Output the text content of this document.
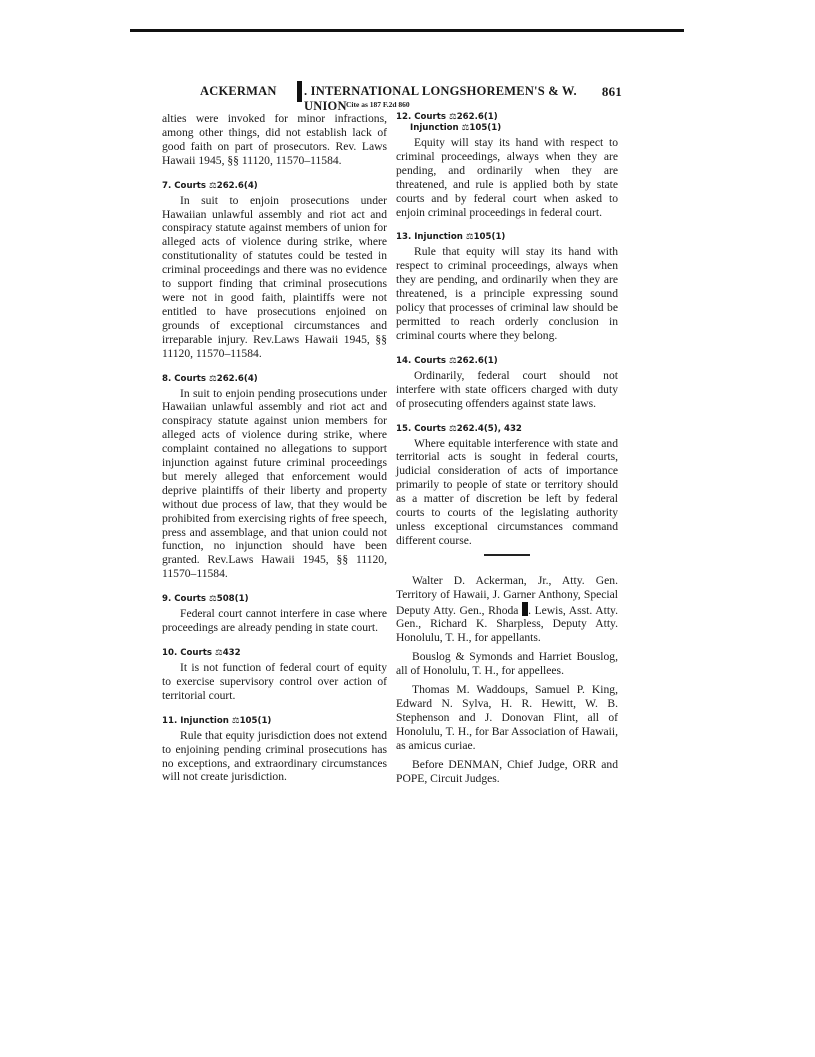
ACKERMAN . INTERNATIONAL LONGSHOREMEN'S & W. UNION
861
Cite as 187 F.2d 860

alties were invoked for minor infractions, among other things, did not establish lack of good faith on part of prosecutors. Rev. Laws Hawaii 1945, §§ 11120, 11570–11584.

7. Courts ⚖262.6(4)

In suit to enjoin prosecutions under Hawaiian unlawful assembly and riot act and conspiracy statute against members of union for alleged acts of violence during strike, where constitutionality of statutes could be tested in criminal proceedings and there was no evidence to support finding that criminal prosecutions were not in good faith, plaintiffs were not entitled to have prosecutions enjoined on grounds of exceptional circumstances and irreparable injury. Rev.Laws Hawaii 1945, §§ 11120, 11570–11584.

8. Courts ⚖262.6(4)

In suit to enjoin pending prosecutions under Hawaiian unlawful assembly and riot act and conspiracy statute against union members for alleged acts of violence during strike, where complaint contained no allegations to support injunction against future criminal proceedings but merely alleged that enforcement would deprive plaintiffs of their liberty and property without due process of law, that they would be prohibited from exercising rights of free speech, press and assemblage, and that union could not function, no injunction should have been granted. Rev.Laws Hawaii 1945, §§ 11120, 11570–11584.

9. Courts ⚖508(1)

Federal court cannot interfere in case where proceedings are already pending in state court.

10. Courts ⚖432

It is not function of federal court of equity to exercise supervisory control over action of territorial court.

11. Injunction ⚖105(1)

Rule that equity jurisdiction does not extend to enjoining pending criminal prosecutions has no exceptions, and extraordinary circumstances will not create jurisdiction.

12. Courts ⚖262.6(1)
Injunction ⚖105(1)

Equity will stay its hand with respect to criminal proceedings, always when they are pending, and ordinarily when they are threatened, and rule is applied both by state courts and by federal court when asked to enjoin criminal proceedings in federal court.

13. Injunction ⚖105(1)

Rule that equity will stay its hand with respect to criminal proceedings, always when they are pending, and ordinarily when they are threatened, is a principle expressing sound policy that processes of criminal law should be permitted to reach orderly conclusion in criminal courts where they belong.

14. Courts ⚖262.6(1)

Ordinarily, federal court should not interfere with state officers charged with duty of prosecuting offenders against state laws.

15. Courts ⚖262.4(5), 432

Where equitable interference with state and territorial acts is sought in federal courts, judicial consideration of acts of importance primarily to people of state or territory should as a matter of discretion be left by federal courts to courts of the legislating authority unless exceptional circumstances command different course.

Walter D. Ackerman, Jr., Atty. Gen. Territory of Hawaii, J. Garner Anthony, Special Deputy Atty. Gen., Rhoda . Lewis, Asst. Atty. Gen., Richard K. Sharpless, Deputy Atty. Honolulu, T. H., for appellants.

Bouslog & Symonds and Harriet Bouslog, all of Honolulu, T. H., for appellees.

Thomas M. Waddoups, Samuel P. King, Edward N. Sylva, H. R. Hewitt, W. B. Stephenson and J. Donovan Flint, all of Honolulu, T. H., for Bar Association of Hawaii, as amicus curiae.

Before DENMAN, Chief Judge, ORR and POPE, Circuit Judges.
